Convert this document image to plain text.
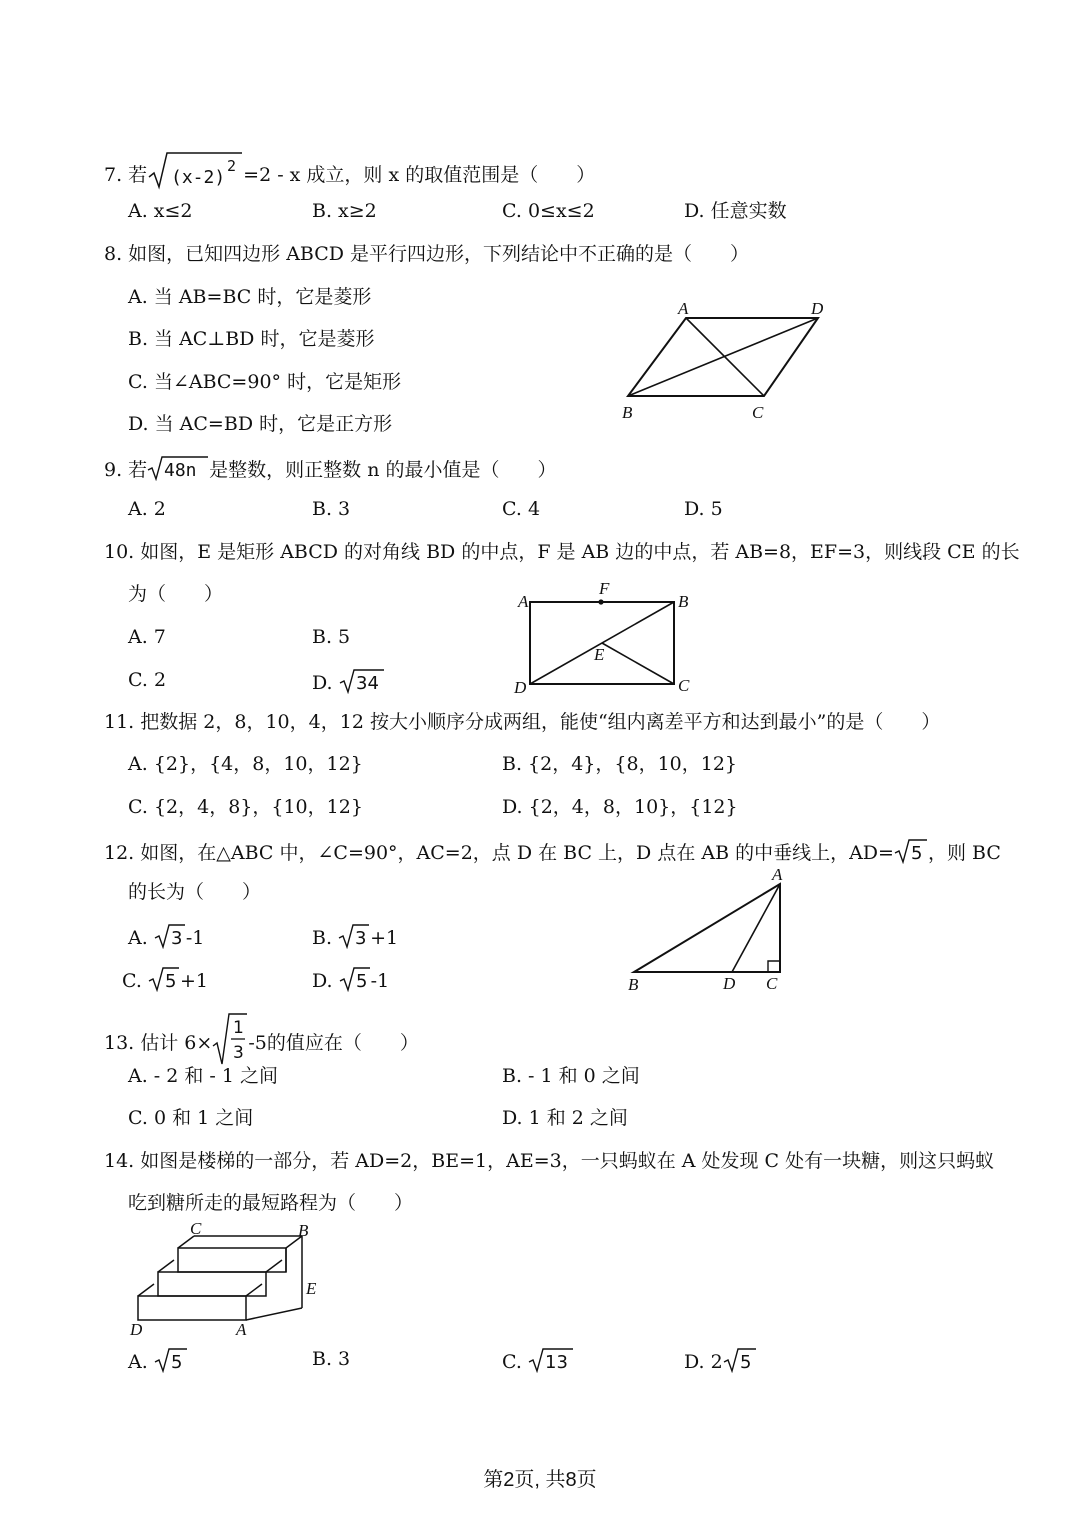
7. 若 (x-2)
2 =2 - x 成立，则 x 的取值范围是（　　）
A. x≤2	B. x≥2	C. 0≤x≤2	D. 任意实数
8. 如图，已知四边形 ABCD 是平行四边形，下列结论中不正确的是（　　）
A. 当 AB=BC 时，它是菱形
B. 当 AC⊥BD 时，它是菱形
C. 当∠ABC=90° 时，它是矩形
D. 当 AC=BD 时，它是正方形
A	D
B	C
9. 若 48n 是整数，则正整数 n 的最小值是（　　）
A. 2	B. 3	C. 4	D. 5
10. 如图，E 是矩形 ABCD 的对角线 BD 的中点，F 是 AB 边的中点，若 AB=8，EF=3，则线段 CE 的长
为（　　）
A. 7	B. 5
C. 2	D. 34
A
F
B
E
D	C
11. 把数据 2，8，10，4，12 按大小顺序分成两组，能使“组内离差平方和达到最小”的是（　　）
A. {2}，{4，8，10，12}	B. {2，4}，{8，10，12}
C. {2，4，8}，{10，12}	D. {2，4，8，10}，{12}
12. 如图，在△ABC 中，∠C=90°，AC=2，点 D 在 BC 上，D 点在 AB 的中垂线上，AD= 5 ，则 BC
的长为（　　）
A. 3 -1	B. 3 +1
C. 5 +1	D. 5 -1
A
B	D C
13. 估计 6×
1
3 -5的值应在（　　）
A. - 2 和 - 1 之间	B. - 1 和 0 之间
C. 0 和 1 之间	D. 1 和 2 之间
14. 如图是楼梯的一部分，若 AD=2，BE=1，AE=3，一只蚂蚁在 A 处发现 C 处有一块糖，则这只蚂蚁
吃到糖所走的最短路程为（　　）
C	B
E
D	A
A. 5	B. 3	C. 13	D. 2 5
第2页, 共8页
